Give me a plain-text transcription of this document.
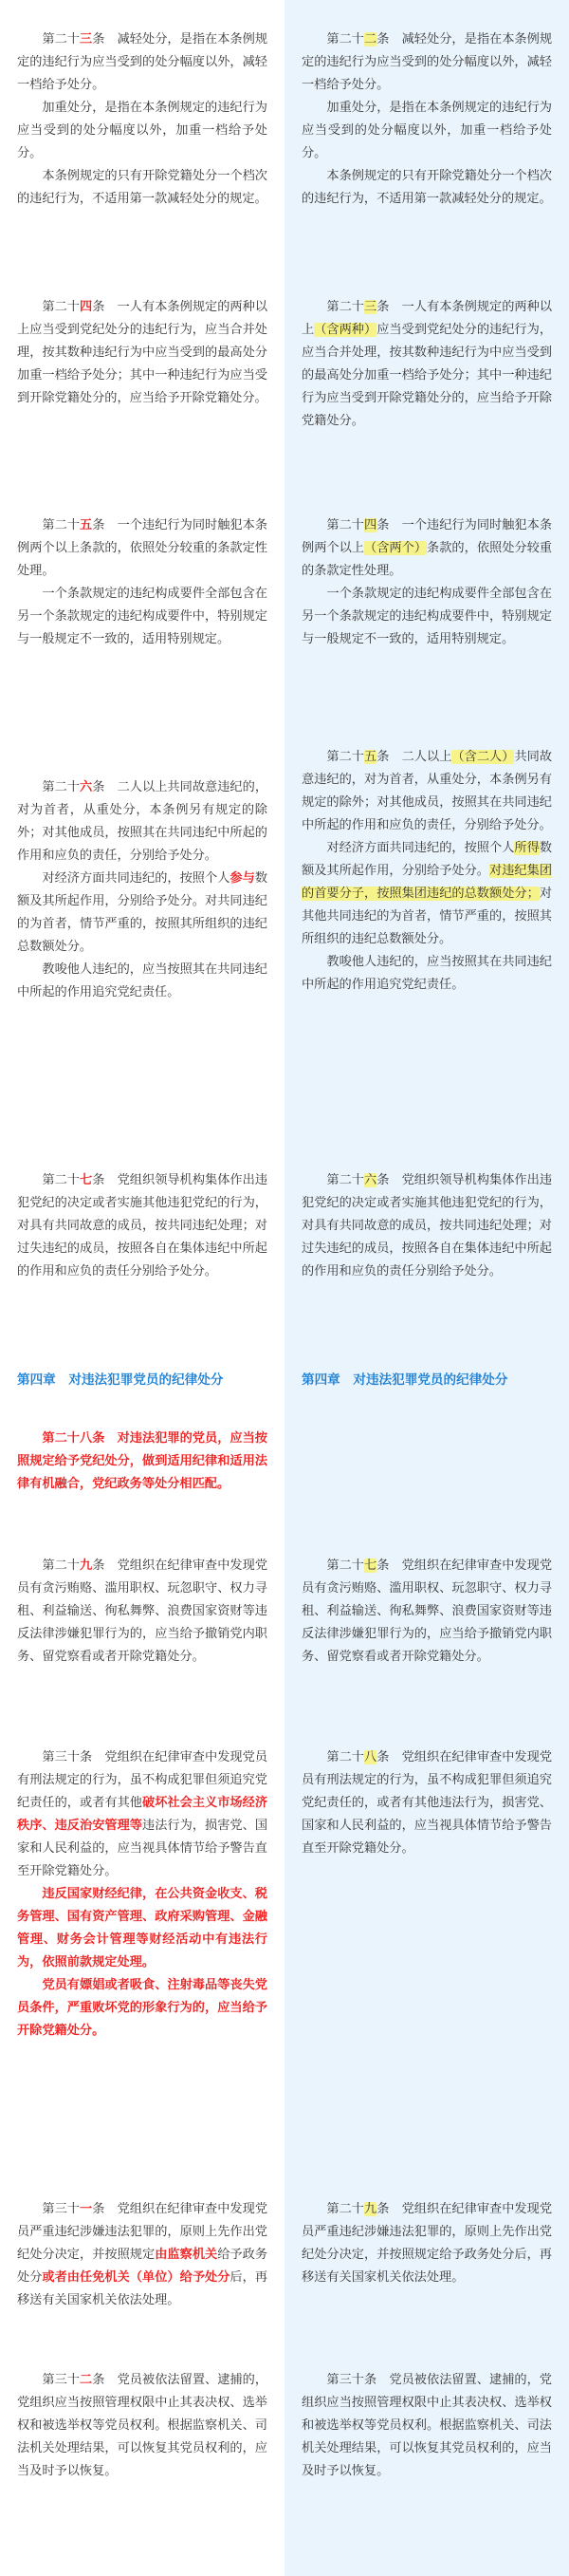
第二十三条　减轻处分，是指在本条例规定的违纪行为应当受到的处分幅度以外，减轻一档给予处分。

加重处分，是指在本条例规定的违纪行为应当受到的处分幅度以外，加重一档给予处分。

本条例规定的只有开除党籍处分一个档次的违纪行为，不适用第一款减轻处分的规定。

第二十四条　一人有本条例规定的两种以上应当受到党纪处分的违纪行为，应当合并处理，按其数种违纪行为中应当受到的最高处分加重一档给予处分；其中一种违纪行为应当受到开除党籍处分的，应当给予开除党籍处分。

第二十五条　一个违纪行为同时触犯本条例两个以上条款的，依照处分较重的条款定性处理。

一个条款规定的违纪构成要件全部包含在另一个条款规定的违纪构成要件中，特别规定与一般规定不一致的，适用特别规定。

第二十六条　二人以上共同故意违纪的，对为首者，从重处分，本条例另有规定的除外；对其他成员，按照其在共同违纪中所起的作用和应负的责任，分别给予处分。

对经济方面共同违纪的，按照个人参与数额及其所起作用，分别给予处分。对共同违纪的为首者，情节严重的，按照其所组织的违纪总数额处分。

教唆他人违纪的，应当按照其在共同违纪中所起的作用追究党纪责任。

第二十七条　党组织领导机构集体作出违犯党纪的决定或者实施其他违犯党纪的行为，对具有共同故意的成员，按共同违纪处理；对过失违纪的成员，按照各自在集体违纪中所起的作用和应负的责任分别给予处分。

第四章　对违法犯罪党员的纪律处分

第二十八条　对违法犯罪的党员，应当按照规定给予党纪处分，做到适用纪律和适用法律有机融合，党纪政务等处分相匹配。

第二十九条　党组织在纪律审查中发现党员有贪污贿赂、滥用职权、玩忽职守、权力寻租、利益输送、徇私舞弊、浪费国家资财等违反法律涉嫌犯罪行为的，应当给予撤销党内职务、留党察看或者开除党籍处分。

第三十条　党组织在纪律审查中发现党员有刑法规定的行为，虽不构成犯罪但须追究党纪责任的，或者有其他破坏社会主义市场经济秩序、违反治安管理等违法行为，损害党、国家和人民利益的，应当视具体情节给予警告直至开除党籍处分。

违反国家财经纪律，在公共资金收支、税务管理、国有资产管理、政府采购管理、金融管理、财务会计管理等财经活动中有违法行为，依照前款规定处理。

党员有嫖娼或者吸食、注射毒品等丧失党员条件，严重败坏党的形象行为的，应当给予开除党籍处分。

第三十一条　党组织在纪律审查中发现党员严重违纪涉嫌违法犯罪的，原则上先作出党纪处分决定，并按照规定由监察机关给予政务处分或者由任免机关（单位）给予处分后，再移送有关国家机关依法处理。

第三十二条　党员被依法留置、逮捕的，党组织应当按照管理权限中止其表决权、选举权和被选举权等党员权利。根据监察机关、司法机关处理结果，可以恢复其党员权利的，应当及时予以恢复。

第二十二条　减轻处分，是指在本条例规定的违纪行为应当受到的处分幅度以外，减轻一档给予处分。

加重处分，是指在本条例规定的违纪行为应当受到的处分幅度以外，加重一档给予处分。

本条例规定的只有开除党籍处分一个档次的违纪行为，不适用第一款减轻处分的规定。

第二十三条　一人有本条例规定的两种以上（含两种）应当受到党纪处分的违纪行为，应当合并处理，按其数种违纪行为中应当受到的最高处分加重一档给予处分；其中一种违纪行为应当受到开除党籍处分的，应当给予开除党籍处分。

第二十四条　一个违纪行为同时触犯本条例两个以上（含两个）条款的，依照处分较重的条款定性处理。

一个条款规定的违纪构成要件全部包含在另一个条款规定的违纪构成要件中，特别规定与一般规定不一致的，适用特别规定。

第二十五条　二人以上（含二人）共同故意违纪的，对为首者，从重处分，本条例另有规定的除外；对其他成员，按照其在共同违纪中所起的作用和应负的责任，分别给予处分。

对经济方面共同违纪的，按照个人所得数额及其所起作用，分别给予处分。对违纪集团的首要分子，按照集团违纪的总数额处分；对其他共同违纪的为首者，情节严重的，按照其所组织的违纪总数额处分。

教唆他人违纪的，应当按照其在共同违纪中所起的作用追究党纪责任。

第二十六条　党组织领导机构集体作出违犯党纪的决定或者实施其他违犯党纪的行为，对具有共同故意的成员，按共同违纪处理；对过失违纪的成员，按照各自在集体违纪中所起的作用和应负的责任分别给予处分。

第四章　对违法犯罪党员的纪律处分

第二十七条　党组织在纪律审查中发现党员有贪污贿赂、滥用职权、玩忽职守、权力寻租、利益输送、徇私舞弊、浪费国家资财等违反法律涉嫌犯罪行为的，应当给予撤销党内职务、留党察看或者开除党籍处分。

第二十八条　党组织在纪律审查中发现党员有刑法规定的行为，虽不构成犯罪但须追究党纪责任的，或者有其他违法行为，损害党、国家和人民利益的，应当视具体情节给予警告直至开除党籍处分。

第二十九条　党组织在纪律审查中发现党员严重违纪涉嫌违法犯罪的，原则上先作出党纪处分决定，并按照规定给予政务处分后，再移送有关国家机关依法处理。

第三十条　党员被依法留置、逮捕的，党组织应当按照管理权限中止其表决权、选举权和被选举权等党员权利。根据监察机关、司法机关处理结果，可以恢复其党员权利的，应当及时予以恢复。
